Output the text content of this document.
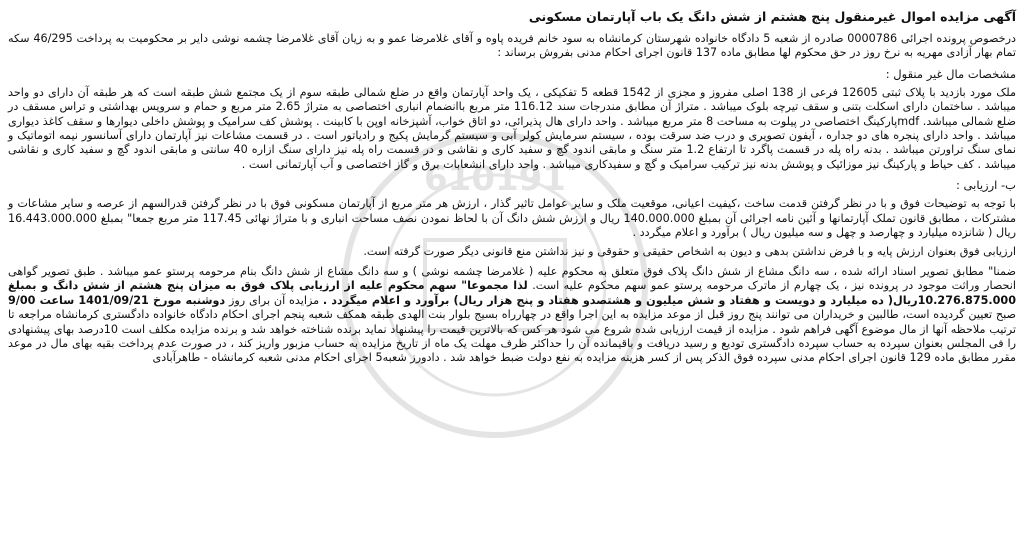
610191

آگهی مزایده اموال غیرمنقول پنج هشتم از شش دانگ یک باب آپارتمان مسکونی

درخصوص پرونده اجرائی 0000786 صادره از شعبه 5 دادگاه خانواده شهرستان کرمانشاه به سود خانم فریده پاوه و آقای غلامرضا عمو و به زیان آقای غلامرضا چشمه نوشی دایر بر محکومیت به پرداخت 46/295 سکه تمام بهار آزادی مهریه به نرخ روز در حق محکوم لها مطابق ماده 137 قانون اجرای احکام مدنی بفروش برساند :

مشخصات مال غیر منقول :

ملک مورد بازدید با پلاک ثبتی 12605 فرعی از 138 اصلی مفروز و مجزی از 1542 قطعه 5 تفکیکی ، یک واحد آپارتمان واقع در ضلع شمالی طبقه سوم از یک مجتمع شش طبقه است که هر طبقه آن دارای دو واحد میباشد . ساختمان دارای اسکلت بتنی و سقف تیرچه بلوک میباشد . متراژ آن مطابق مندرجات سند 116.12 متر مربع باانضمام انباری اختصاصی به متراژ 2.65 متر مربع و حمام و سرویس بهداشتی و تراس مسقف در ضلع شمالی میباشد. mdfپارکینگ اختصاصی در پیلوت به مساحت 8 متر مربع میباشد . واحد دارای هال پذیرائی، دو اتاق خواب، آشپزخانه اوپن با کابینت . پوشش کف سرامیک و پوشش داخلی دیوارها و سقف کاغذ دیواری میباشد . واحد دارای پنجره های دو جداره ، آیفون تصویری و درب ضد سرقت بوده ، سیستم سرمایش کولر آبی و سیستم گرمایش پکیج و رادیاتور است . در قسمت مشاعات نیز آپارتمان دارای آسانسور نیمه اتوماتیک و نمای سنگ تراورتن میباشد . بدنه راه پله در قسمت پاگرد تا ارتفاع 1.2 متر سنگ و مابقی اندود گچ و سفید کاری و نقاشی و در قسمت راه پله نیز دارای سنگ ازاره 40 سانتی و مابقی اندود گچ و سفید کاری و نقاشی میباشد . کف حیاط و پارکینگ نیز موزائیک و پوشش بدنه نیز ترکیب سرامیک و گچ و سفیدکاری میباشد . واحد دارای انشعابات برق و گاز اختصاصی و آب آپارتمانی است .

ب- ارزیابی :

با توجه به توضیحات فوق و با در نظر گرفتن قدمت ساخت ،کیفیت اعیانی، موقعیت ملک و سایر عوامل تاثیر گذار ، ارزش هر متر مربع از آپارتمان مسکونی فوق با در نظر گرفتن قدرالسهم از عرصه و سایر مشاعات و مشترکات ، مطابق قانون تملک آپارتمانها و آئین نامه اجرائی آن بمبلغ 140.000.000 ریال و ارزش شش دانگ آن با لحاظ نمودن نصف مساحت انباری و با متراژ نهائی 117.45 متر مربع جمعا" بمبلغ 16.443.000.000 ریال ( شانزده میلیارد و چهارصد و چهل و سه میلیون ریال ) برآورد و اعلام میگردد .

ارزیابی فوق بعنوان ارزش پایه و با فرض نداشتن بدهی و دیون به اشخاص حقیقی و حقوقی و نیز نداشتن منع قانونی دیگر صورت گرفته است.

ضمنا" مطابق تصویر اسناد ارائه شده ، سه دانگ مشاع از شش دانگ پلاک فوق متعلق به محکوم علیه ( غلامرضا چشمه نوشی ) و سه دانگ مشاع از شش دانگ بنام مرحومه پرستو عمو میباشد . طبق تصویر گواهی انحصار وراثت موجود در پرونده نیز ، یک چهارم از ماترک مرحومه پرستو عمو سهم محکوم علیه است. لذا مجموعا" سهم محکوم علیه از ارزیابی پلاک فوق به میزان پنج هشتم از شش دانگ و بمبلغ 10.276.875.000ریال( ده میلیارد و دویست و هفتاد و شش میلیون و هشتصدو هفتاد و پنج هزار ریال) برآورد و اعلام میگردد . مزایده آن برای روز دوشنبه مورخ 1401/09/21 ساعت 9/00 صبح تعیین گردیده است، طالبین و خریداران می توانند پنج روز قبل از موعد مزایده به این اجرا واقع در چهارراه بسیج بلوار بنت الهدی طبقه همکف شعبه پنجم اجرای احکام دادگاه خانواده دادگستری کرمانشاه مراجعه تا ترتیب ملاحظه آنها از مال موضوع آگهی فراهم شود . مزایده از قیمت ارزیابی شده شروع می شود هر کس که بالاترین قیمت را پیشنهاد نماید برنده شناخته خواهد شد و برنده مزایده مکلف است 10درصد بهای پیشنهادی را فی المجلس بعنوان سپرده به حساب سپرده دادگستری تودیع و رسید دریافت و باقیمانده آن را حداکثر ظرف مهلت یک ماه از تاریخ مزایده به حساب مزبور واریز کند ، در صورت عدم پرداخت بقیه بهای مال در موعد مقرر مطابق ماده 129 قانون اجرای احکام مدنی سپرده فوق الذکر پس از کسر هزینه مزایده به نفع دولت ضبط خواهد شد . دادورز شعبه5 اجرای احکام مدنی شعبه کرمانشاه - طاهرآبادی
